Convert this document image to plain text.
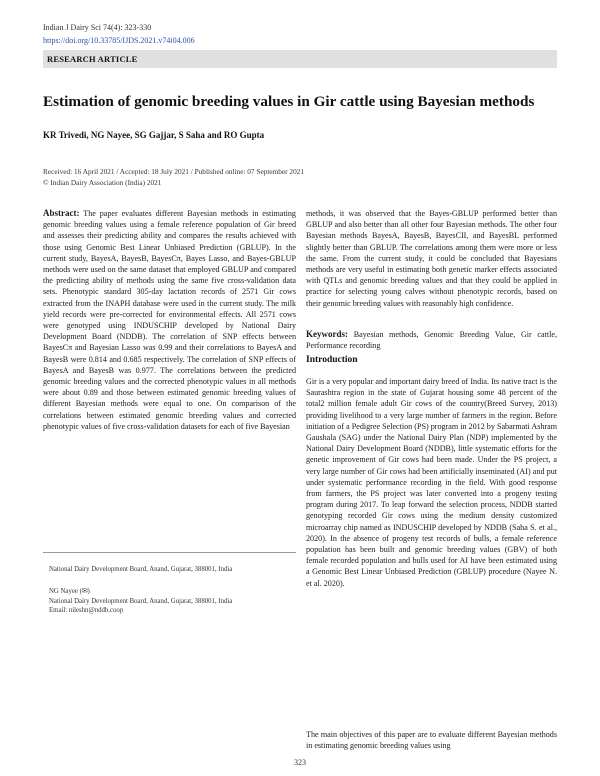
Indian J Dairy Sci 74(4): 323-330
https://doi.org/10.33785/IJDS.2021.v74i04.006
RESEARCH ARTICLE
Estimation of genomic breeding values in Gir cattle using Bayesian methods
KR Trivedi, NG Nayee, SG Gajjar, S Saha and RO Gupta
Received: 16 April 2021 / Accepted: 18 July 2021 / Published online: 07 September 2021
© Indian Dairy Association (India) 2021

Abstract: The paper evaluates different Bayesian methods in estimating genomic breeding values using a female reference population of Gir breed and assesses their predicting ability and compares the results achieved with those using Genomic Best Linear Unbiased Prediction (GBLUP). In the current study, BayesA, BayesB, BayesCπ, Bayes Lasso, and Bayes-GBLUP methods were used on the same dataset that employed GBLUP and compared the predicting ability of methods using the same five cross-validation data sets. Phenotypic standard 305-day lactation records of 2571 Gir cows extracted from the INAPH database were used in the current study. The milk yield records were pre-corrected for environmental effects. All 2571 cows were genotyped using INDUSCHIP developed by National Dairy Development Board (NDDB). The correlation of SNP effects between BayesCπ and Bayesian Lasso was 0.99 and their correlations to BayesA and BayesB were 0.814 and 0.685 respectively. The correlation of SNP effects of BayesA and BayesB was 0.977. The correlations between the predicted genomic breeding values and the corrected phenotypic values in all methods were about 0.89 and those between estimated genomic breeding values of different Bayesian methods were equal to one. On comparison of the correlations between estimated genomic breeding values and corrected phenotypic values of five cross-validation datasets for each of five Bayesian

methods, it was observed that the Bayes-GBLUP performed better than GBLUP and also better than all other four Bayesian methods. The other four Bayesian methods BayesA, BayesB, BayesCII, and BayesBL performed slightly better than GBLUP. The correlations among them were more or less the same. From the current study, it could be concluded that Bayesians methods are very useful in estimating both genetic marker effects associated with QTLs and genomic breeding values and that they could be applied in practice for selecting young calves without phenotypic records, based on their genomic breeding values with reasonably high confidence.

Keywords: Bayesian methods, Genomic Breeding Value, Gir cattle, Performance recording

Introduction

Gir is a very popular and important dairy breed of India. Its native tract is the Saurashtra region in the state of Gujarat housing some 48 percent of the total2 million female adult Gir cows of the country(Breed Survey, 2013) providing livelihood to a very large number of farmers in the region. Before initiation of a Pedigree Selection (PS) program in 2012 by Sabarmati Ashram Gaushala (SAG) under the National Dairy Plan (NDP) implemented by the National Dairy Development Board (NDDB), little systematic efforts for the genetic improvement of Gir cows had been made. Under the PS project, a very large number of Gir cows had been artificially inseminated (AI) and put under systematic performance recording in the field. With good response from farmers, the PS project was later converted into a progeny testing program during 2017. To leap forward the selection process, NDDB started genotyping recorded Gir cows using the medium density customized microarray chip named as INDUSCHIP developed by NDDB (Saha S. et al., 2020). In the absence of progeny test records of bulls, a female reference population has been built and genomic breeding values (GBV) of both female recorded population and bulls used for AI have been estimated using a Genomic Best Linear Unbiased Prediction (GBLUP) procedure (Nayee N. et al. 2020).

The main objectives of this paper are to evaluate different Bayesian methods in estimating genomic breeding values using

National Dairy Development Board, Anand, Gujarat, 388001, India
NG Nayee (✉)
National Dairy Development Board, Anand, Gujarat, 388001, India
Email: nileshn@nddb.coop
323
